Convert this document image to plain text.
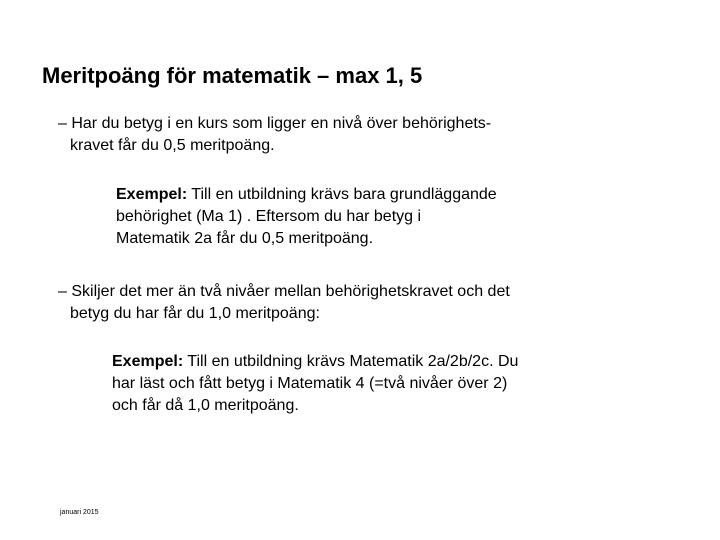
Meritpoäng för matematik – max 1, 5
– Har du betyg i en kurs som ligger en nivå över behörighets-
kravet får du 0,5 meritpoäng.
Exempel: Till en utbildning krävs bara grundläggande
behörighet (Ma 1) . Eftersom du har betyg i
Matematik 2a får du 0,5 meritpoäng.
– Skiljer det mer än två nivåer mellan behörighetskravet och det
betyg du har får du 1,0 meritpoäng:
Exempel: Till en utbildning krävs Matematik 2a/2b/2c. Du
har läst och fått betyg i Matematik 4 (=två nivåer över 2)
och får då 1,0 meritpoäng.
januari 2015
